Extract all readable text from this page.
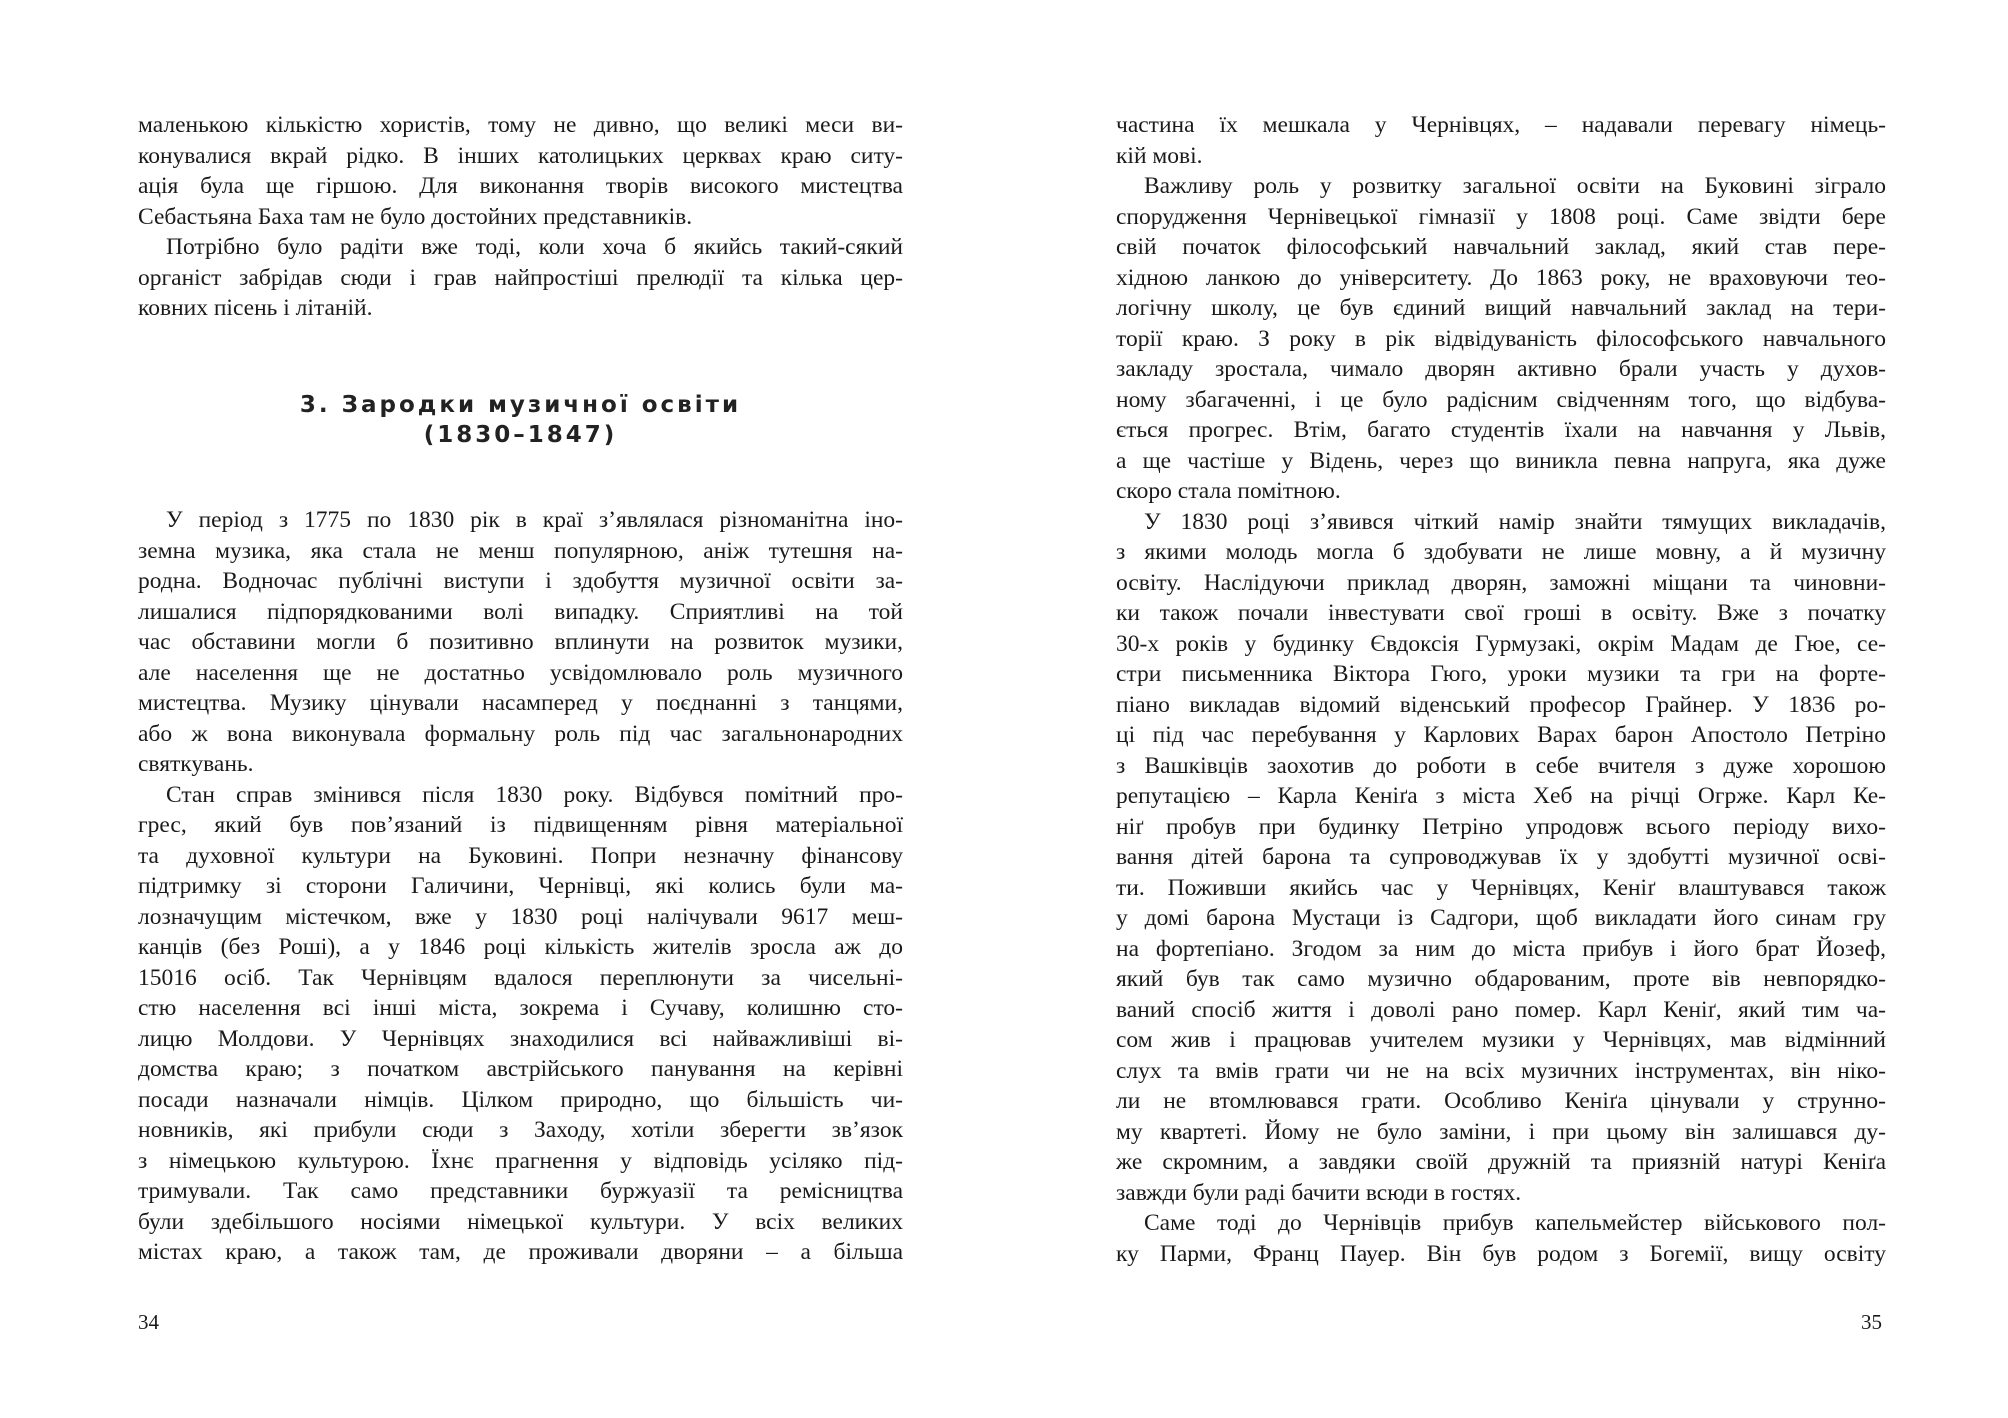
маленькою кількістю хористів, тому не дивно, що великі меси ви-
конувалися вкрай рідко. В інших католицьких церквах краю ситу-
ація була ще гіршою. Для виконання творів високого мистецтва
Себастьяна Баха там не було достойних представників.
Потрібно було радіти вже тоді, коли хоча б якийсь такий-сякий
органіст забрідав сюди і грав найпростіші прелюдії та кілька цер-
ковних пісень і літаній.
3. Зародки музичної освіти
(1830–1847)
У період з 1775 по 1830 рік в краї з’являлася різноманітна іно-
земна музика, яка стала не менш популярною, аніж тутешня на-
родна. Водночас публічні виступи і здобуття музичної освіти за-
лишалися підпорядкованими волі випадку. Сприятливі на той
час обставини могли б позитивно вплинути на розвиток музики,
але населення ще не достатньо усвідомлювало роль музичного
мистецтва. Музику цінували насамперед у поєднанні з танцями,
або ж вона виконувала формальну роль під час загальнонародних
святкувань.
Стан справ змінився після 1830 року. Відбувся помітний про-
грес, який був пов’язаний із підвищенням рівня матеріальної
та духовної культури на Буковині. Попри незначну фінансову
підтримку зі сторони Галичини, Чернівці, які колись були ма-
лозначущим містечком, вже у 1830 році налічували 9617 меш-
канців (без Роші), а у 1846 році кількість жителів зросла аж до
15016 осіб. Так Чернівцям вдалося переплюнути за чисельні-
стю населення всі інші міста, зокрема і Сучаву, колишню сто-
лицю Молдови. У Чернівцях знаходилися всі найважливіші ві-
домства краю; з початком австрійського панування на керівні
посади назначали німців. Цілком природно, що більшість чи-
новників, які прибули сюди з Заходу, хотіли зберегти зв’язок
з німецькою культурою. Їхнє прагнення у відповідь усіляко під-
тримували. Так само представники буржуазії та ремісництва
були здебільшого носіями німецької культури. У всіх великих
містах краю, а також там, де проживали дворяни – а більша
34
частина їх мешкала у Чернівцях, – надавали перевагу німець-
кій мові.
Важливу роль у розвитку загальної освіти на Буковині зіграло
спорудження Чернівецької гімназії у 1808 році. Саме звідти бере
свій початок філософський навчальний заклад, який став пере-
хідною ланкою до університету. До 1863 року, не враховуючи тео-
логічну школу, це був єдиний вищий навчальний заклад на тери-
торії краю. З року в рік відвідуваність філософського навчального
закладу зростала, чимало дворян активно брали участь у духов-
ному збагаченні, і це було радісним свідченням того, що відбува-
ється прогрес. Втім, багато студентів їхали на навчання у Львів,
а ще частіше у Відень, через що виникла певна напруга, яка дуже
скоро стала помітною.
У 1830 році з’явився чіткий намір знайти тямущих викладачів,
з якими молодь могла б здобувати не лише мовну, а й музичну
освіту. Наслідуючи приклад дворян, заможні міщани та чиновни-
ки також почали інвестувати свої гроші в освіту. Вже з початку
30-х років у будинку Євдоксія Гурмузакі, окрім Мадам де Гюе, се-
стри письменника Віктора Гюго, уроки музики та гри на форте-
піано викладав відомий віденський професор Грайнер. У 1836 ро-
ці під час перебування у Карлових Варах барон Апостоло Петріно
з Вашківців заохотив до роботи в себе вчителя з дуже хорошою
репутацією – Карла Кеніґа з міста Хеб на річці Огрже. Карл Ке-
ніґ пробув при будинку Петріно упродовж всього періоду вихо-
вання дітей барона та супроводжував їх у здобутті музичної осві-
ти. Поживши якийсь час у Чернівцях, Кеніґ влаштувався також
у домі барона Мустаци із Садгори, щоб викладати його синам гру
на фортепіано. Згодом за ним до міста прибув і його брат Йозеф,
який був так само музично обдарованим, проте вів невпорядко-
ваний спосіб життя і доволі рано помер. Карл Кеніґ, який тим ча-
сом жив і працював учителем музики у Чернівцях, мав відмінний
слух та вмів грати чи не на всіх музичних інструментах, він ніко-
ли не втомлювався грати. Особливо Кеніґа цінували у струнно-
му квартеті. Йому не було заміни, і при цьому він залишався ду-
же скромним, а завдяки своїй дружній та приязній натурі Кеніґа
завжди були раді бачити всюди в гостях.
Саме тоді до Чернівців прибув капельмейстер військового пол-
ку Парми, Франц Пауер. Він був родом з Богемії, вищу освіту
35
